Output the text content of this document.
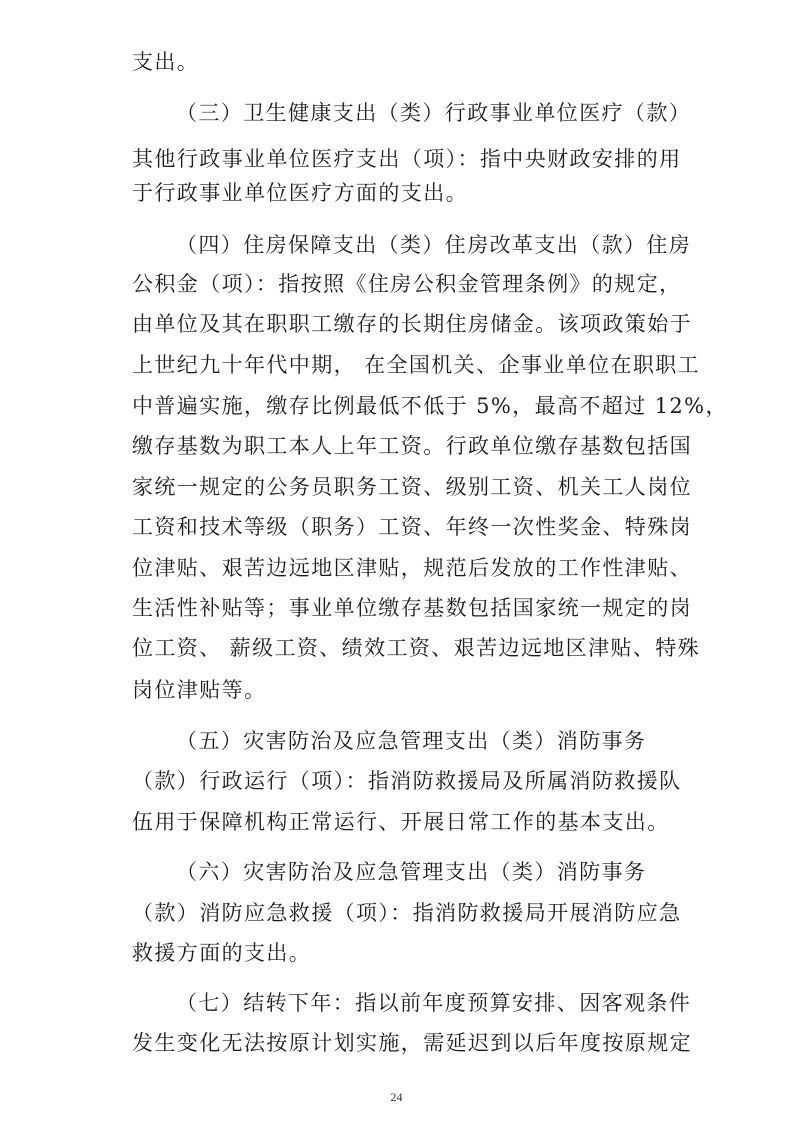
支出。
（三）卫生健康支出（类）行政事业单位医疗（款）
其他行政事业单位医疗支出（项）：指中央财政安排的用
于行政事业单位医疗方面的支出。
（四）住房保障支出（类）住房改革支出（款）住房
公积金（项）：指按照《住房公积金管理条例》的规定，
由单位及其在职职工缴存的长期住房储金。该项政策始于
上世纪九十年代中期， 在全国机关、企事业单位在职职工
中普遍实施，缴存比例最低不低于 5%，最高不超过 12%，
缴存基数为职工本人上年工资。行政单位缴存基数包括国
家统一规定的公务员职务工资、级别工资、机关工人岗位
工资和技术等级（职务）工资、年终一次性奖金、特殊岗
位津贴、艰苦边远地区津贴，规范后发放的工作性津贴、
生活性补贴等；事业单位缴存基数包括国家统一规定的岗
位工资、 薪级工资、绩效工资、艰苦边远地区津贴、特殊
岗位津贴等。
（五）灾害防治及应急管理支出（类）消防事务
（款）行政运行（项）：指消防救援局及所属消防救援队
伍用于保障机构正常运行、开展日常工作的基本支出。
（六）灾害防治及应急管理支出（类）消防事务
（款）消防应急救援（项）：指消防救援局开展消防应急
救援方面的支出。
（七）结转下年：指以前年度预算安排、因客观条件
发生变化无法按原计划实施，需延迟到以后年度按原规定
24
